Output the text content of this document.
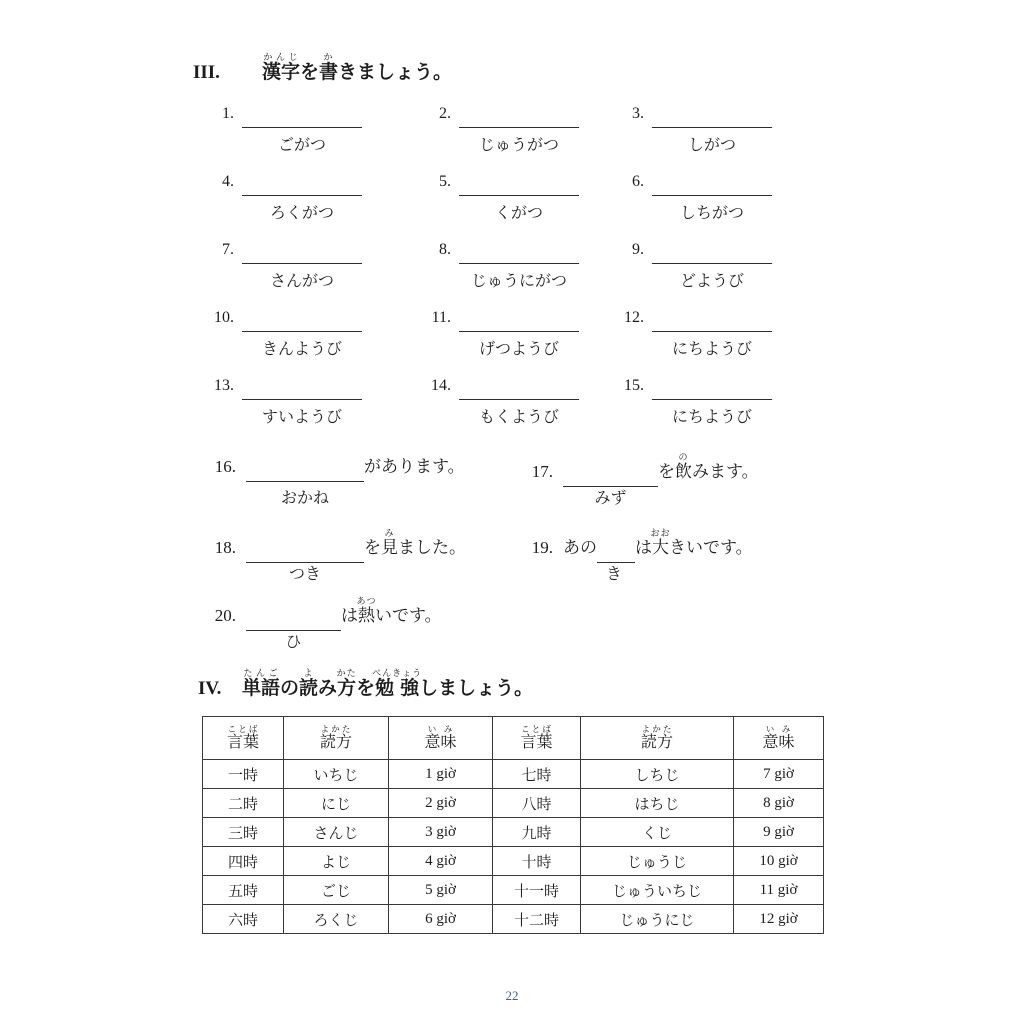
III. 漢字かんじを書かきましょう。
1.
ごがつ
2.
じゅうがつ
3.
しがつ
4.
ろくがつ
5.
くがつ
6.
しちがつ
7.
さんがつ
8.
じゅうにがつ
9.
どようび
10.
きんようび
11.
げつようび
12.
にちようび
13.
すいようび
14.
もくようび
15.
にちようび
16.	があります。
おかね
17.	を飲のみます。
みず
18.	を見みました。
つき
19. あの は大おおきいです。
き
20.	は熱あついです。
ひ
IV. 単語たんごの読よみ方かたを勉強べんきょうしましょう。
言葉ことば	読方よかた	意味いみ	言葉ことば	読方よかた	意味いみ
一時	いちじ	1 giờ	七時	しちじ	7 giờ
二時	にじ	2 giờ	八時	はちじ	8 giờ
三時	さんじ	3 giờ	九時	くじ	9 giờ
四時	よじ	4 giờ	十時	じゅうじ	10 giờ
五時	ごじ	5 giờ	十一時	じゅういちじ	11 giờ
六時	ろくじ	6 giờ	十二時	じゅうにじ	12 giờ
22
